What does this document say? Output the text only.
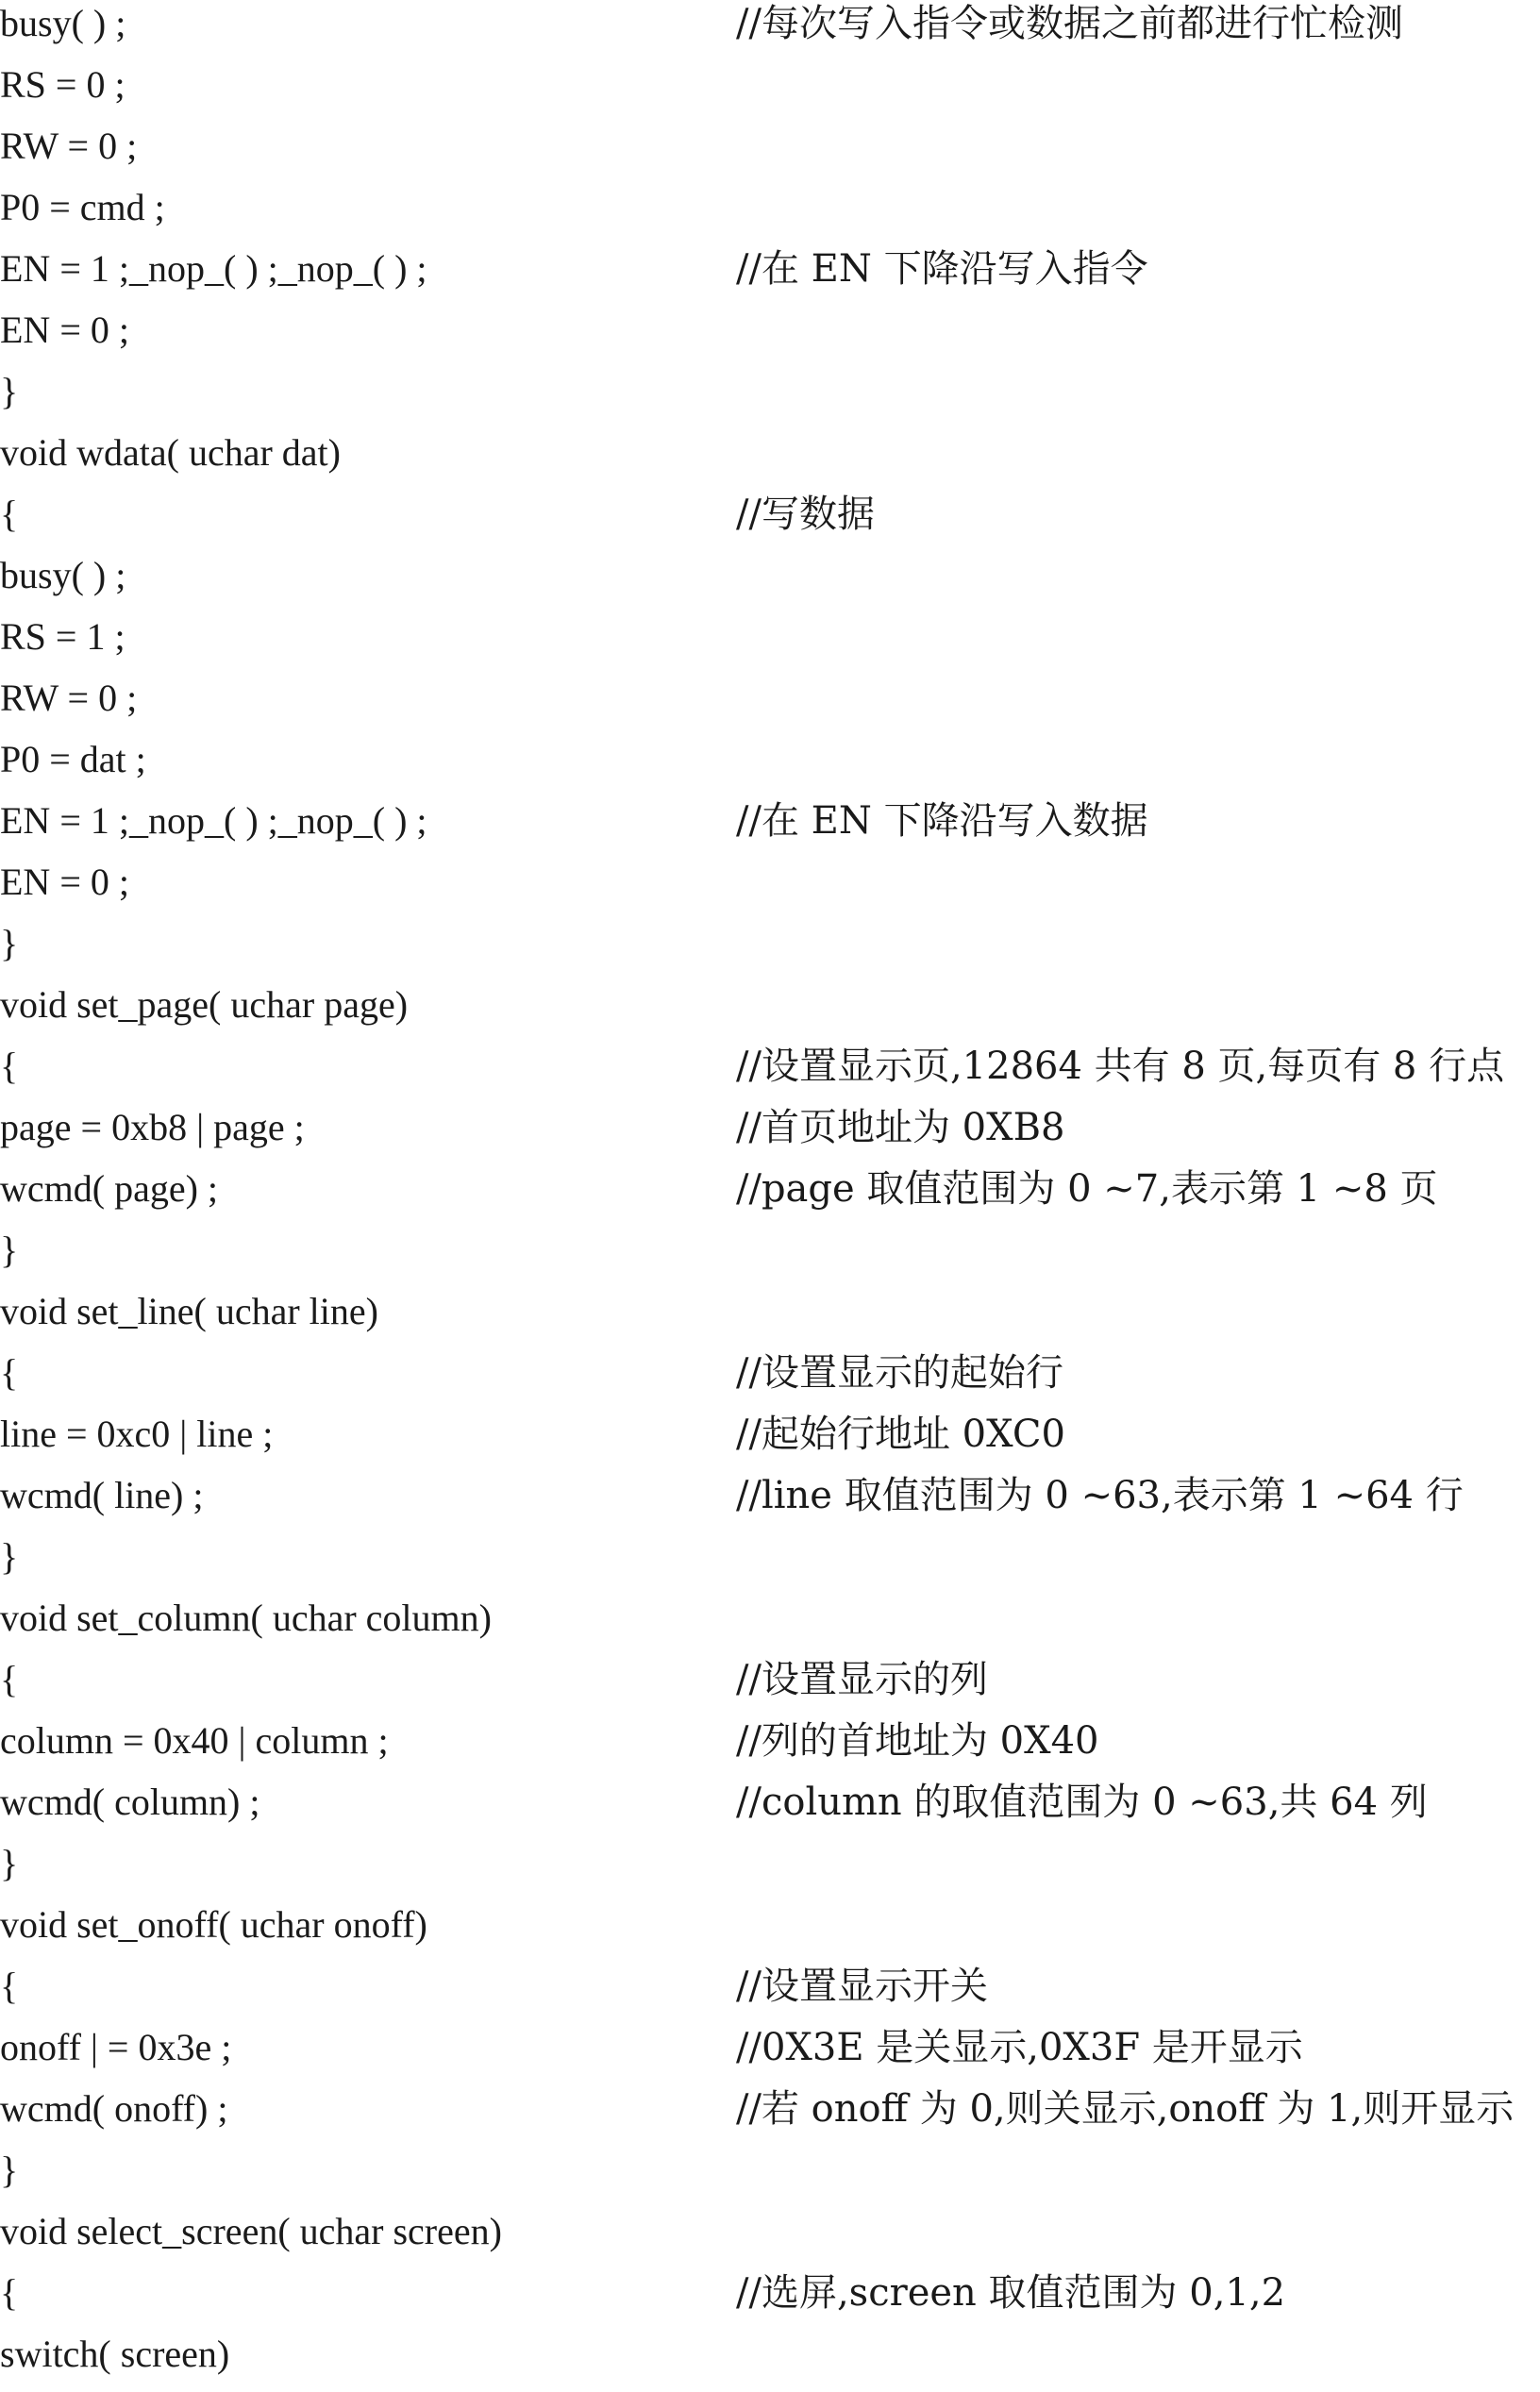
busy( ) ;	//每次写入指令或数据之前都进行忙检测
RS = 0 ;
RW = 0 ;
P0 = cmd ;
EN = 1 ;_nop_( ) ;_nop_( ) ;	//在 EN 下降沿写入指令
EN = 0 ;
}
void wdata( uchar dat)
{	//写数据
busy( ) ;
RS = 1 ;
RW = 0 ;
P0 = dat ;
EN = 1 ;_nop_( ) ;_nop_( ) ;	//在 EN 下降沿写入数据
EN = 0 ;
}
void set_page( uchar page)
{	//设置显示页,12864 共有 8 页,每页有 8 行点
page = 0xb8 | page ;	//首页地址为 0XB8
wcmd( page) ;	//page 取值范围为 0 ~7,表示第 1 ~8 页
}
void set_line( uchar line)
{	//设置显示的起始行
line = 0xc0 | line ;	//起始行地址 0XC0
wcmd( line) ;	//line 取值范围为 0 ~63,表示第 1 ~64 行
}
void set_column( uchar column)
{	//设置显示的列
column = 0x40 | column ;	//列的首地址为 0X40
wcmd( column) ;	//column 的取值范围为 0 ~63,共 64 列
}
void set_onoff( uchar onoff)
{	//设置显示开关
onoff | = 0x3e ;	//0X3E 是关显示,0X3F 是开显示
wcmd( onoff) ;	//若 onoff 为 0,则关显示,onoff 为 1,则开显示
}
void select_screen( uchar screen)
{	//选屏,screen 取值范围为 0,1,2
switch( screen)
